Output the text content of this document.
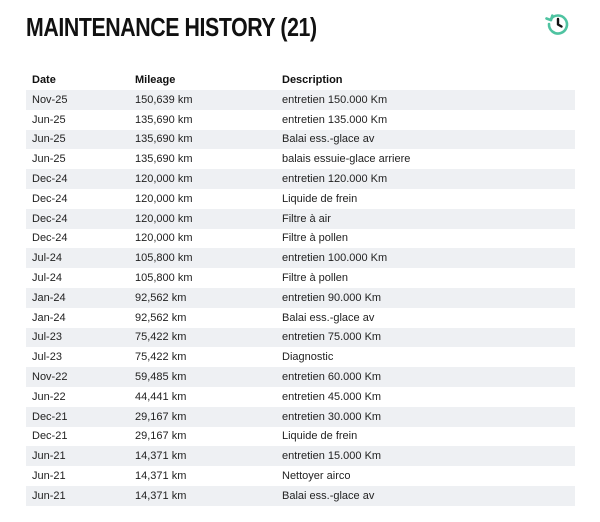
MAINTENANCE HISTORY (21)
Date	Mileage	Description
Nov-25	150,639 km	entretien 150.000 Km
Jun-25	135,690 km	entretien 135.000 Km
Jun-25	135,690 km	Balai ess.-glace av
Jun-25	135,690 km	balais essuie-glace arriere
Dec-24	120,000 km	entretien 120.000 Km
Dec-24	120,000 km	Liquide de frein
Dec-24	120,000 km	Filtre à air
Dec-24	120,000 km	Filtre à pollen
Jul-24	105,800 km	entretien 100.000 Km
Jul-24	105,800 km	Filtre à pollen
Jan-24	92,562 km	entretien 90.000 Km
Jan-24	92,562 km	Balai ess.-glace av
Jul-23	75,422 km	entretien 75.000 Km
Jul-23	75,422 km	Diagnostic
Nov-22	59,485 km	entretien 60.000 Km
Jun-22	44,441 km	entretien 45.000 Km
Dec-21	29,167 km	entretien 30.000 Km
Dec-21	29,167 km	Liquide de frein
Jun-21	14,371 km	entretien 15.000 Km
Jun-21	14,371 km	Nettoyer airco
Jun-21	14,371 km	Balai ess.-glace av
